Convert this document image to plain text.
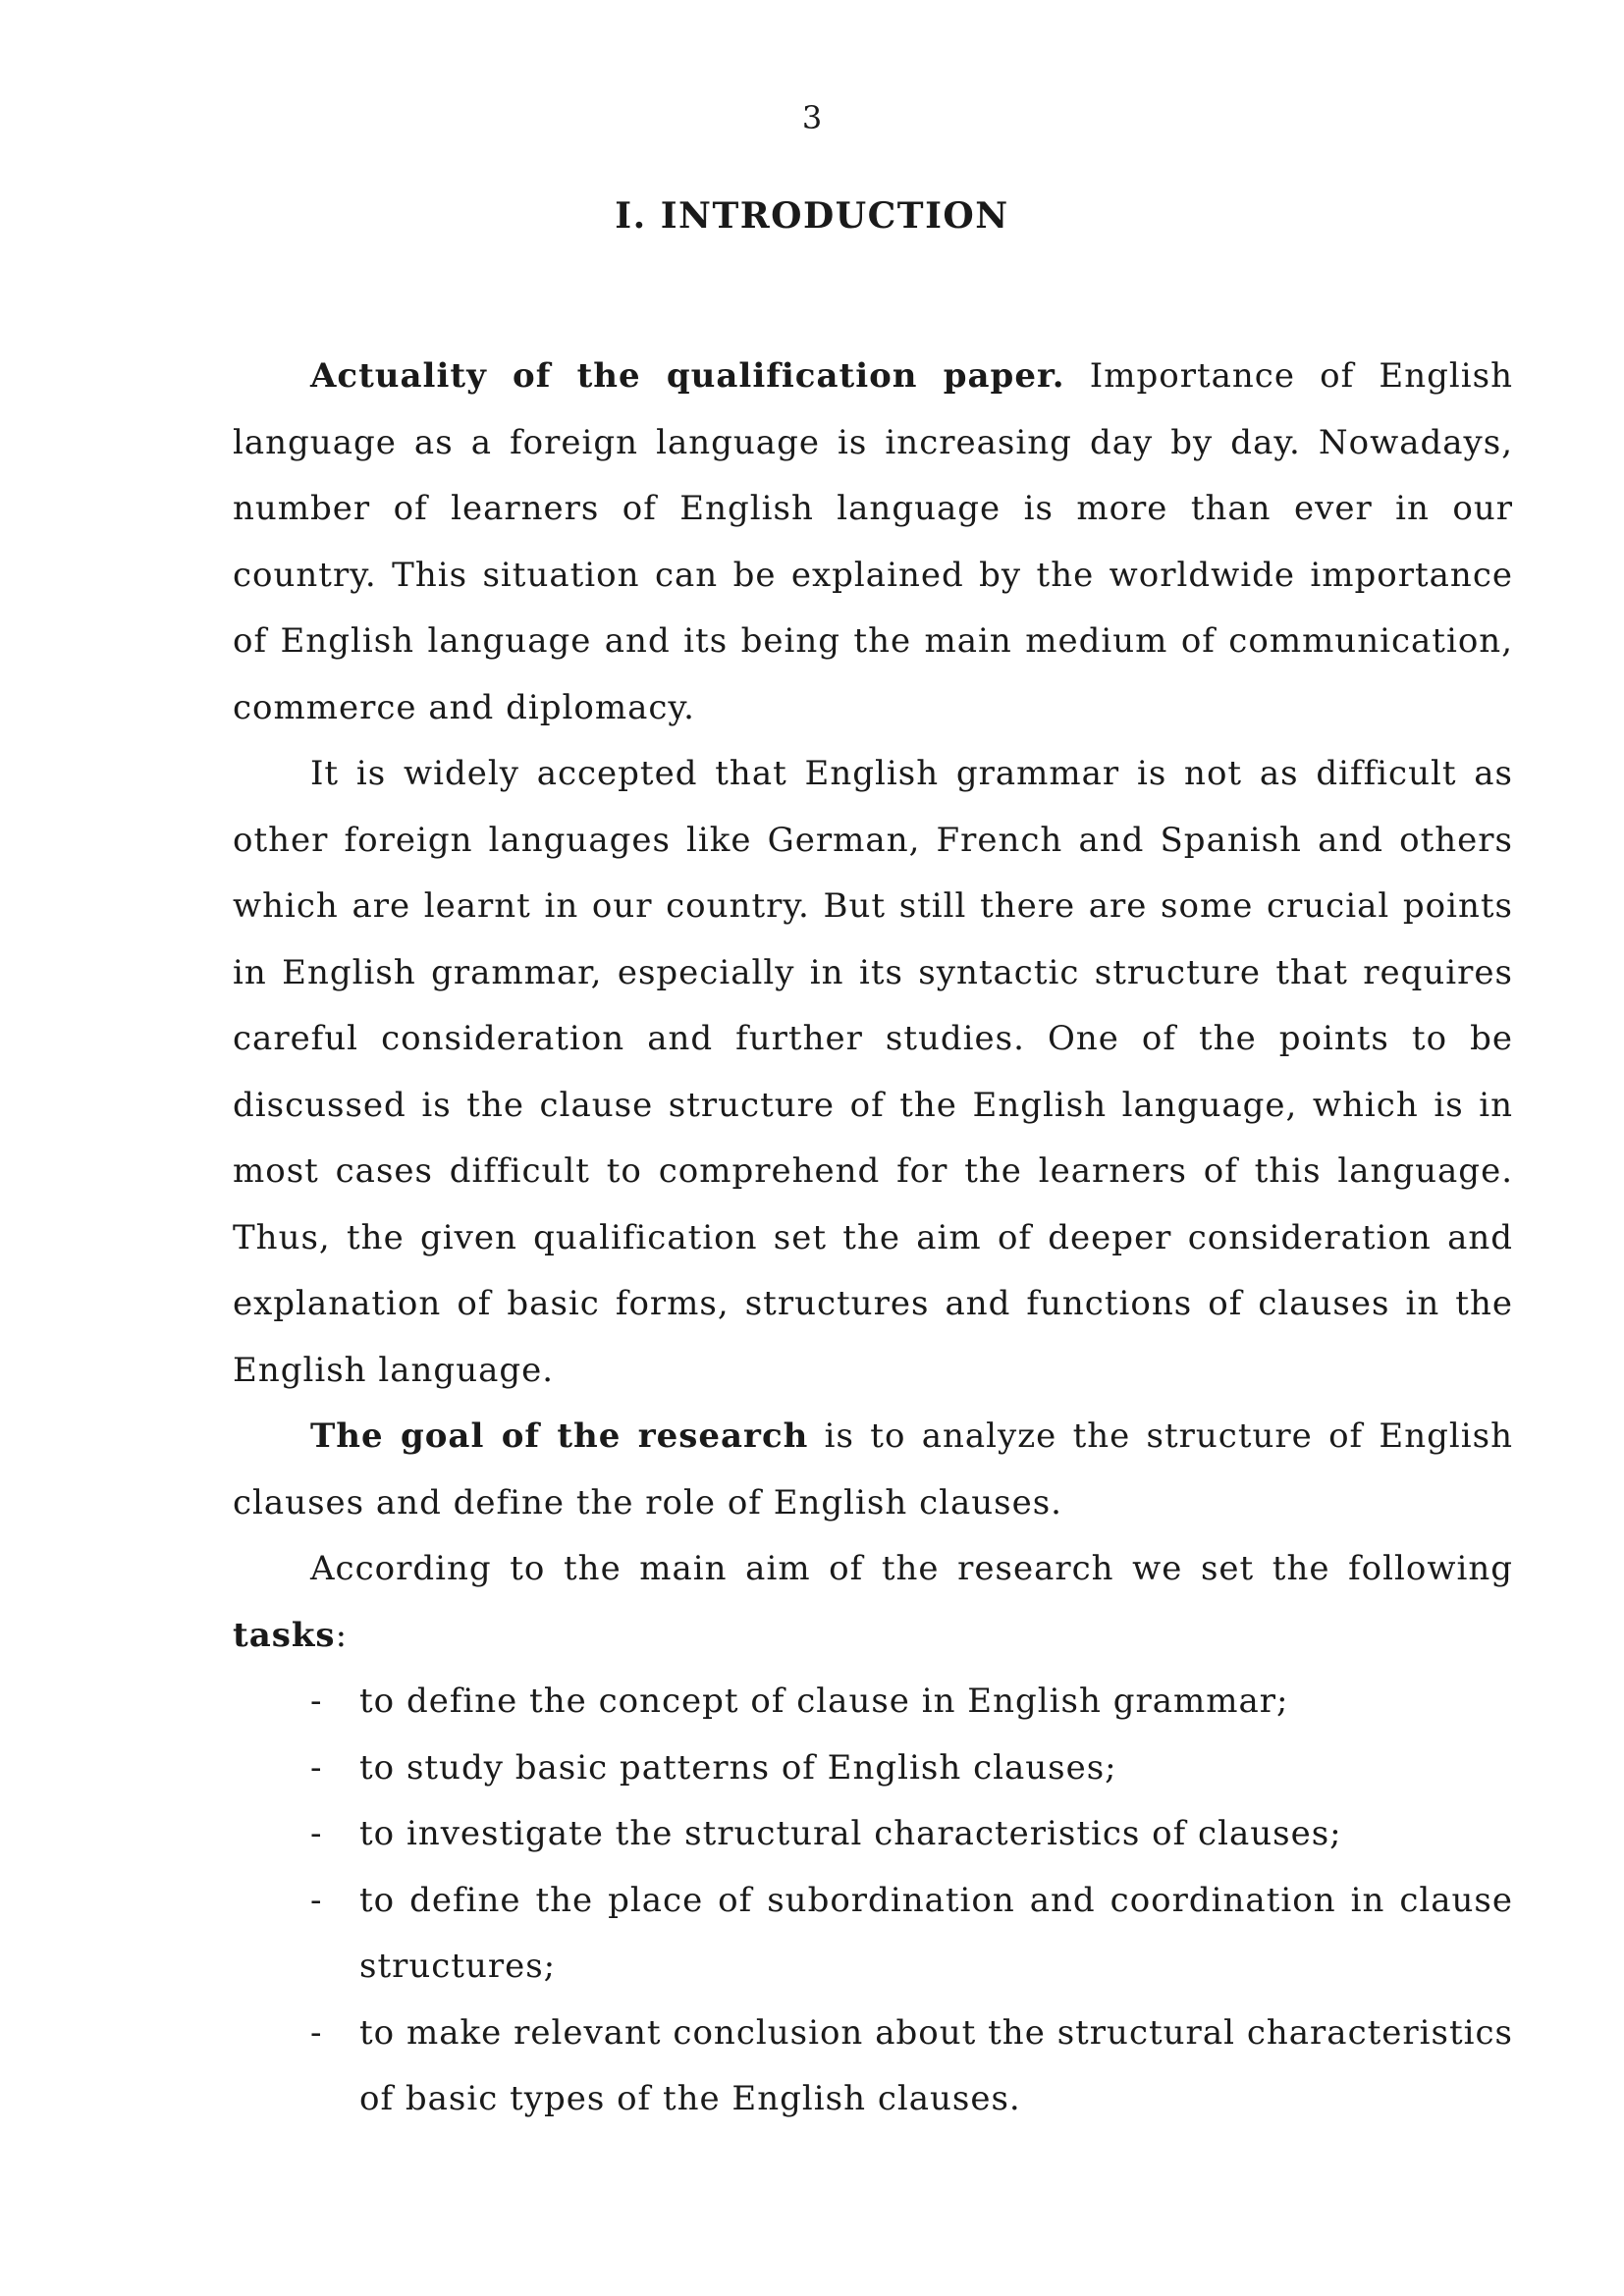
3
I. INTRODUCTION

Actuality of the qualification paper. Importance of English language as a foreign language is increasing day by day. Nowadays, number of learners of English language is more than ever in our country. This situation can be explained by the worldwide importance of English language and its being the main medium of communication, commerce and diplomacy.

It is widely accepted that English grammar is not as difficult as other foreign languages like German, French and Spanish and others which are learnt in our country. But still there are some crucial points in English grammar, especially in its syntactic structure that requires careful consideration and further studies. One of the points to be discussed is the clause structure of the English language, which is in most cases difficult to comprehend for the learners of this language. Thus, the given qualification set the aim of deeper consideration and explanation of basic forms, structures and functions of clauses in the English language.

The goal of the research is to analyze the structure of English clauses and define the role of English clauses.

According to the main aim of the research we set the following tasks:

- to define the concept of clause in English grammar;
- to study basic patterns of English clauses;
- to investigate the structural characteristics of clauses;
- to define the place of subordination and coordination in clause structures;
- to make relevant conclusion about the structural characteristics of basic types of the English clauses.
